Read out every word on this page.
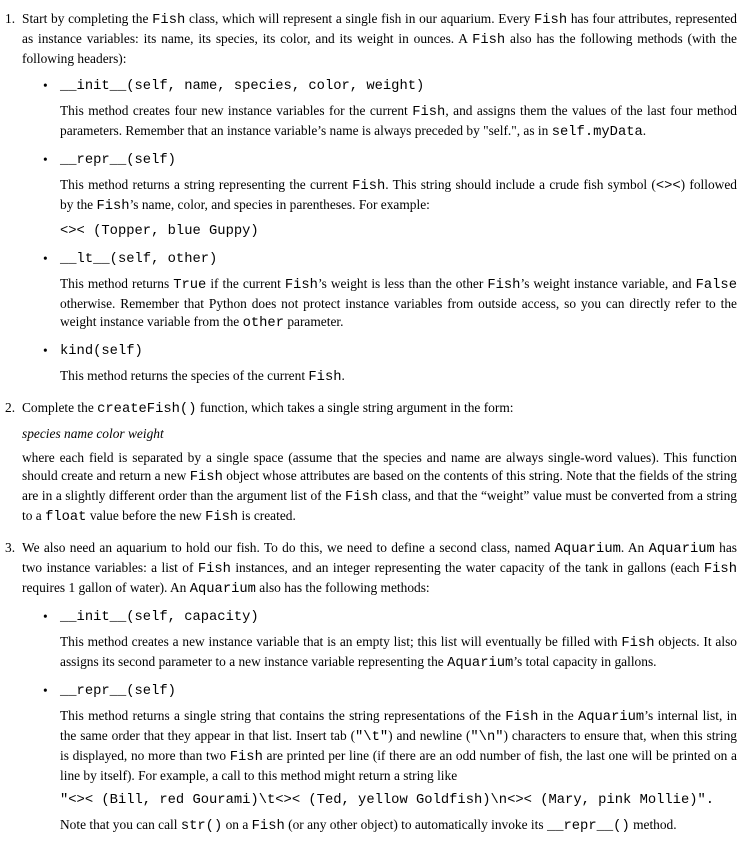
1. Start by completing the Fish class, which will represent a single fish in our aquarium. Every Fish has four attributes, represented as instance variables: its name, its species, its color, and its weight in ounces. A Fish also has the following methods (with the following headers):

• __init__(self, name, species, color, weight)

This method creates four new instance variables for the current Fish, and assigns them the values of the last four method parameters. Remember that an instance variable’s name is always preceded by "self.", as in self.myData.

• __repr__(self)

This method returns a string representing the current Fish. This string should include a crude fish symbol (<><) followed by the Fish’s name, color, and species in parentheses. For example:

<>< (Topper, blue Guppy)
• __lt__(self, other)

This method returns True if the current Fish’s weight is less than the other Fish’s weight instance variable, and False otherwise. Remember that Python does not protect instance variables from outside access, so you can directly refer to the weight instance variable from the other parameter.

• kind(self)

This method returns the species of the current Fish.

2. Complete the createFish() function, which takes a single string argument in the form:

species name color weight

where each field is separated by a single space (assume that the species and name are always single-word values). This function should create and return a new Fish object whose attributes are based on the contents of this string. Note that the fields of the string are in a slightly different order than the argument list of the Fish class, and that the “weight” value must be converted from a string to a float value before the new Fish is created.

3. We also need an aquarium to hold our fish. To do this, we need to define a second class, named Aquarium. An Aquarium has two instance variables: a list of Fish instances, and an integer representing the water capacity of the tank in gallons (each Fish requires 1 gallon of water). An Aquarium also has the following methods:

• __init__(self, capacity)

This method creates a new instance variable that is an empty list; this list will eventually be filled with Fish objects. It also assigns its second parameter to a new instance variable representing the Aquarium’s total capacity in gallons.

• __repr__(self)

This method returns a single string that contains the string representations of the Fish in the Aquarium’s internal list, in the same order that they appear in that list. Insert tab ("\t") and newline ("\n") characters to ensure that, when this string is displayed, no more than two Fish are printed per line (if there are an odd number of fish, the last one will be printed on a line by itself). For example, a call to this method might return a string like

"<>< (Bill, red Gourami)\t<>< (Ted, yellow Goldfish)\n<>< (Mary, pink Mollie)".

Note that you can call str() on a Fish (or any other object) to automatically invoke its __repr__() method.
